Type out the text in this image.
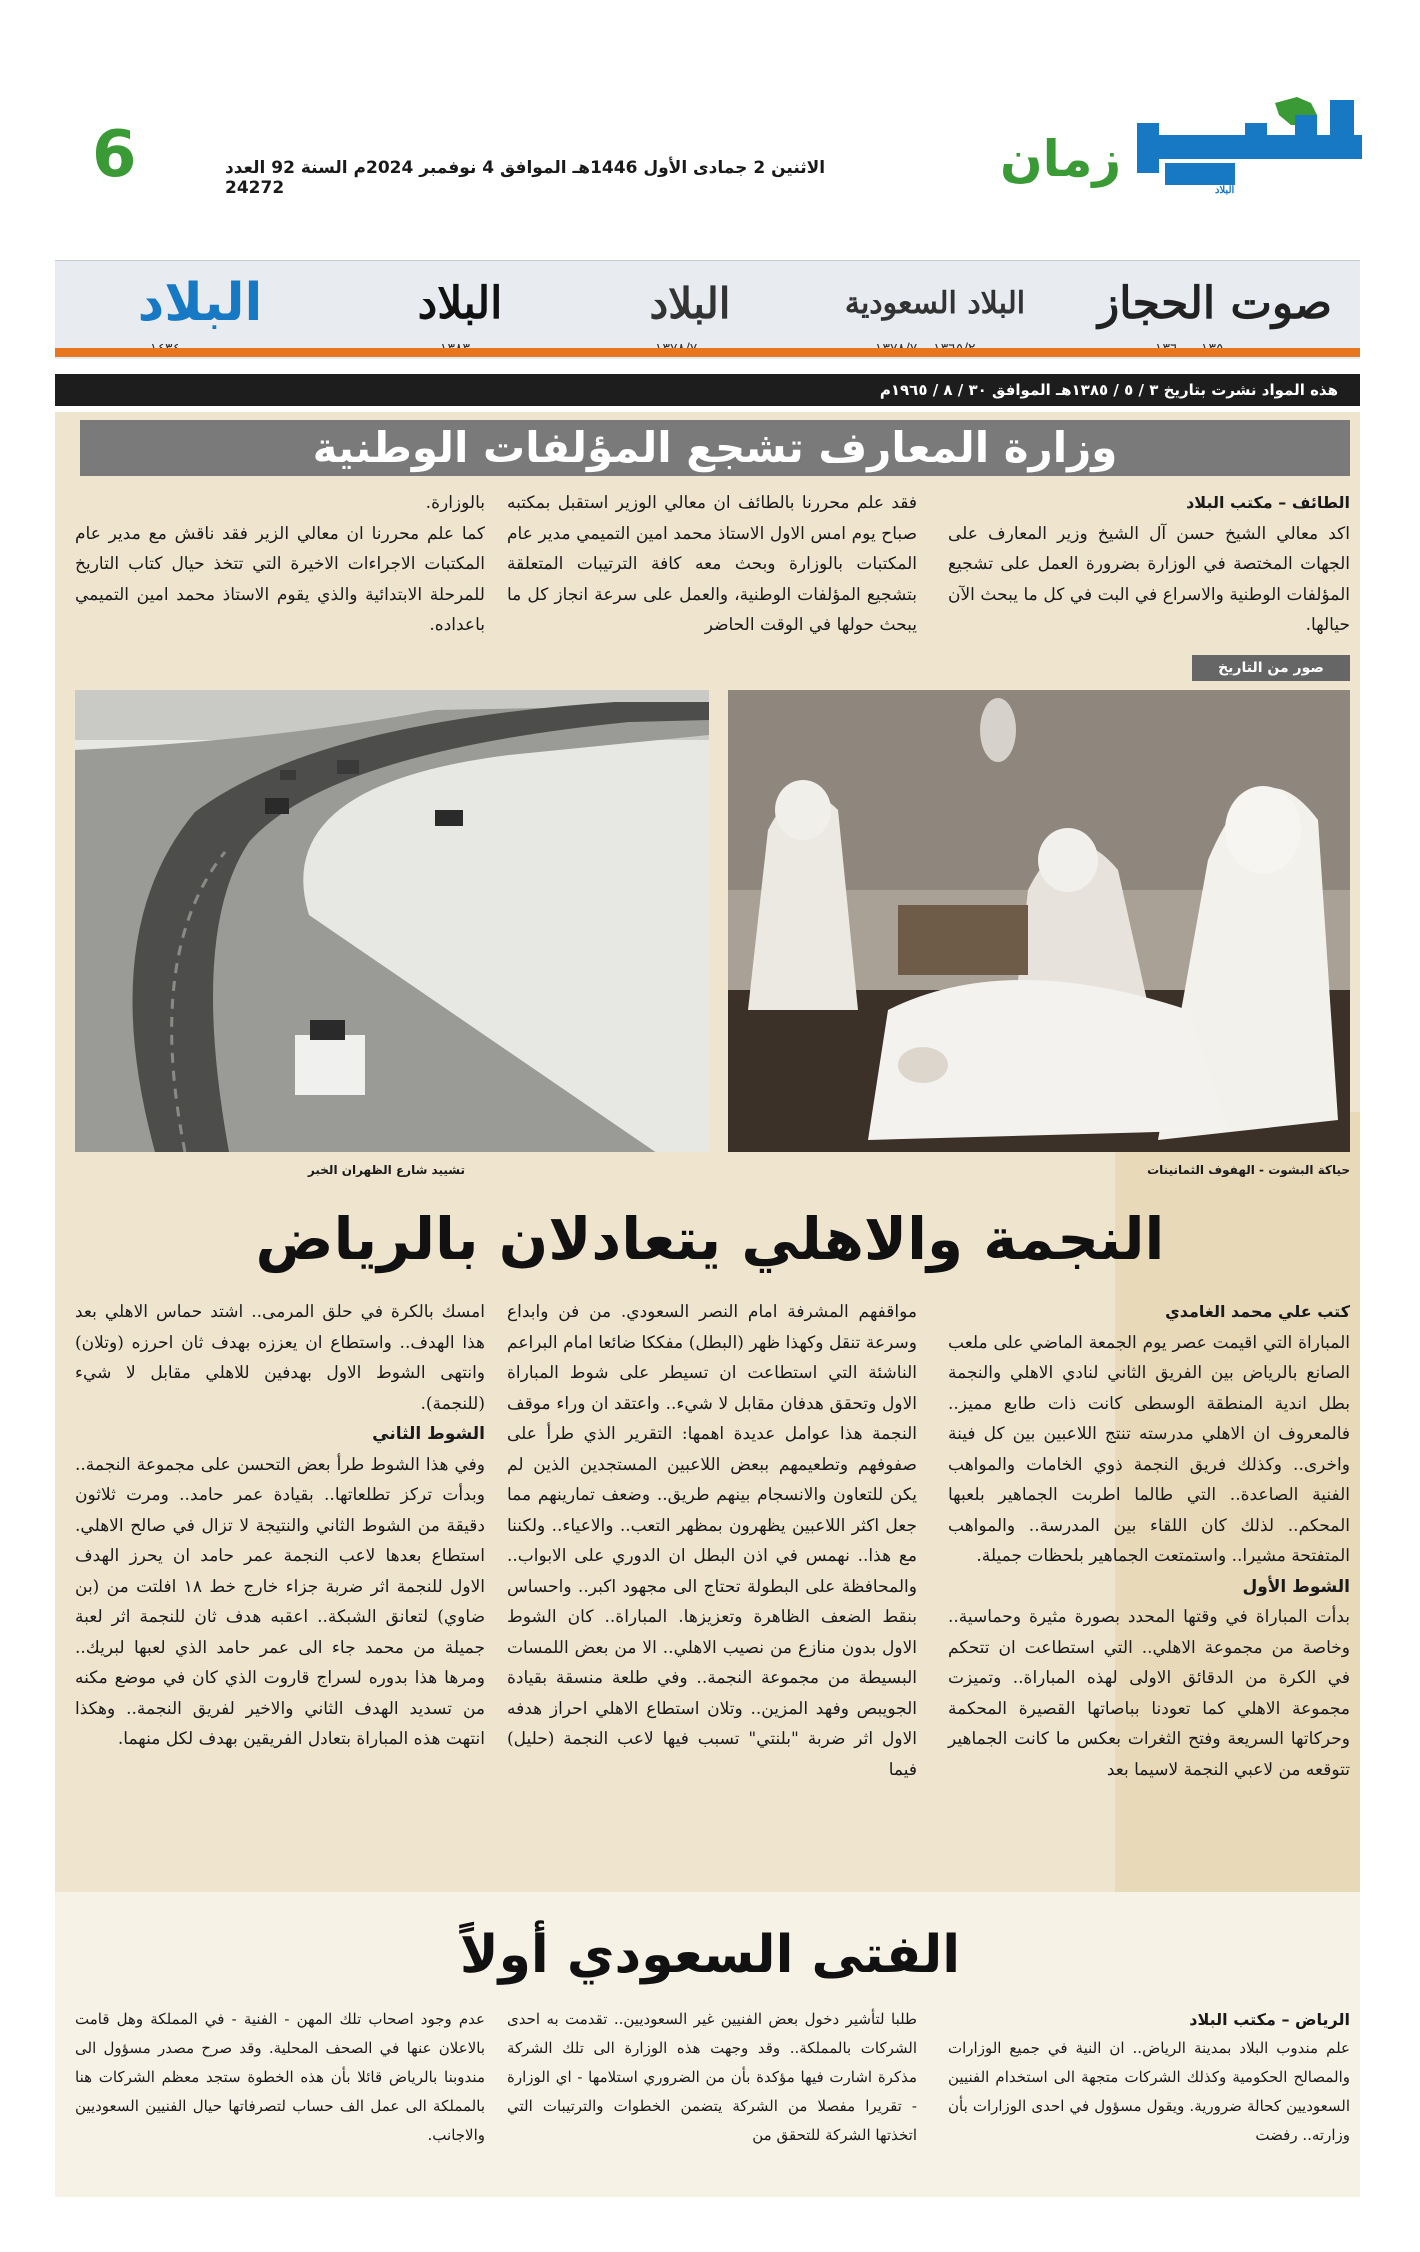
6	الاثنين 2 جمادى الأول 1446هـ الموافق 4 نوفمبر 2024م السنة 92 العدد 24272	زمان
البلاد
صوت الحجاز
البلاد السعودية
البلاد
البلاد
البلاد
هذه المواد نشرت بتاريخ ٣ / ٥ / ١٣٨٥هـ الموافق ٣٠ / ٨ / ١٩٦٥م
وزارة المعارف تشجع المؤلفات الوطنية
الطائف – مكتب البلاد
اكد معالي الشيخ حسن آل الشيخ وزير المعارف على الجهات المختصة في الوزارة بضرورة العمل على تشجيع المؤلفات الوطنية والاسراع في البت في كل ما يبحث الآن حيالها.
فقد علم محررنا بالطائف ان معالي الوزير استقبل بمكتبه صباح يوم امس الاول الاستاذ محمد امين التميمي مدير عام المكتبات بالوزارة وبحث معه كافة الترتيبات المتعلقة بتشجيع المؤلفات الوطنية، والعمل على سرعة انجاز كل ما يبحث حولها في الوقت الحاضر
بالوزارة.
كما علم محررنا ان معالي الزير فقد ناقش مع مدير عام المكتبات الاجراءات الاخيرة التي تتخذ حيال كتاب التاريخ للمرحلة الابتدائية والذي يقوم الاستاذ محمد امين التميمي باعداده.
صور من التاريخ
حياكة البشوت - الهفوف الثمانينات
تشييد شارع الظهران الخبر
النجمة والاهلي يتعادلان بالرياض
كتب علي محمد الغامدي
المباراة التي اقيمت عصر يوم الجمعة الماضي على ملعب الصانع بالرياض بين الفريق الثاني لنادي الاهلي والنجمة بطل اندية المنطقة الوسطى كانت ذات طابع مميز.. فالمعروف ان الاهلي مدرسته تنتج اللاعبين بين كل فينة واخرى.. وكذلك فريق النجمة ذوي الخامات والمواهب الفنية الصاعدة.. التي طالما اطربت الجماهير بلعبها المحكم.. لذلك كان اللقاء بين المدرسة.. والمواهب المتفتحة مشيرا.. واستمتعت الجماهير بلحظات جميلة.
الشوط الأول
بدأت المباراة في وقتها المحدد بصورة مثيرة وحماسية.. وخاصة من مجموعة الاهلي.. التي استطاعت ان تتحكم في الكرة من الدقائق الاولى لهذه المباراة.. وتميزت مجموعة الاهلي كما تعودنا بباصاتها القصيرة المحكمة وحركاتها السريعة وفتح الثغرات بعكس ما كانت الجماهير تتوقعه من لاعبي النجمة لاسيما بعد
مواقفهم المشرفة امام النصر السعودي. من فن وابداع وسرعة تنقل وكهذا ظهر (البطل) مفككا ضائعا امام البراعم الناشئة التي استطاعت ان تسيطر على شوط المباراة الاول وتحقق هدفان مقابل لا شيء.. واعتقد ان وراء موقف النجمة هذا عوامل عديدة اهمها: التقرير الذي طرأ على صفوفهم وتطعيمهم ببعض اللاعبين المستجدين الذين لم يكن للتعاون والانسجام بينهم طريق.. وضعف تمارينهم مما جعل اكثر اللاعبين يظهرون بمظهر التعب.. والاعياء.. ولكننا مع هذا.. نهمس في اذن البطل ان الدوري على الابواب.. والمحافظة على البطولة تحتاج الى مجهود اكبر.. واحساس بنقط الضعف الظاهرة وتعزيزها. المباراة.. كان الشوط الاول بدون منازع من نصيب الاهلي.. الا من بعض اللمسات البسيطة من مجموعة النجمة.. وفي طلعة منسقة بقيادة الجويبص وفهد المزين.. وتلان استطاع الاهلي احراز هدفه الاول اثر ضربة "بلنتي" تسبب فيها لاعب النجمة (حليل) فيما
امسك بالكرة في حلق المرمى.. اشتد حماس الاهلي بعد هذا الهدف.. واستطاع ان يعززه بهدف ثان احرزه (وتلان) وانتهى الشوط الاول بهدفين للاهلي مقابل لا شيء (للنجمة).
الشوط الثاني
وفي هذا الشوط طرأ بعض التحسن على مجموعة النجمة.. وبدأت تركز تطلعاتها.. بقيادة عمر حامد.. ومرت ثلاثون دقيقة من الشوط الثاني والنتيجة لا تزال في صالح الاهلي. استطاع بعدها لاعب النجمة عمر حامد ان يحرز الهدف الاول للنجمة اثر ضربة جزاء خارج خط ١٨ افلتت من (بن ضاوي) لتعانق الشبكة.. اعقبه هدف ثان للنجمة اثر لعبة جميلة من محمد جاء الى عمر حامد الذي لعبها لبريك.. ومرها هذا بدوره لسراج قاروت الذي كان في موضع مكنه من تسديد الهدف الثاني والاخير لفريق النجمة.. وهكذا انتهت هذه المباراة بتعادل الفريقين بهدف لكل منهما.
الفتى السعودي أولاً
الرياض – مكتب البلاد
علم مندوب البلاد بمدينة الرياض.. ان النية في جميع الوزارات والمصالح الحكومية وكذلك الشركات متجهة الى استخدام الفنيين السعوديين كحالة ضرورية. ويقول مسؤول في احدى الوزارات بأن وزارته.. رفضت
طلبا لتأشير دخول بعض الفنيين غير السعوديين.. تقدمت به احدى الشركات بالمملكة.. وقد وجهت هذه الوزارة الى تلك الشركة مذكرة اشارت فيها مؤكدة بأن من الضروري استلامها - اي الوزارة - تقريرا مفصلا من الشركة يتضمن الخطوات والترتيبات التي اتخذتها الشركة للتحقق من
عدم وجود اصحاب تلك المهن - الفنية - في المملكة وهل قامت بالاعلان عنها في الصحف المحلية. وقد صرح مصدر مسؤول الى مندوبنا بالرياض قائلا بأن هذه الخطوة ستجد معظم الشركات هنا بالمملكة الى عمل الف حساب لتصرفاتها حيال الفنيين السعوديين والاجانب.
